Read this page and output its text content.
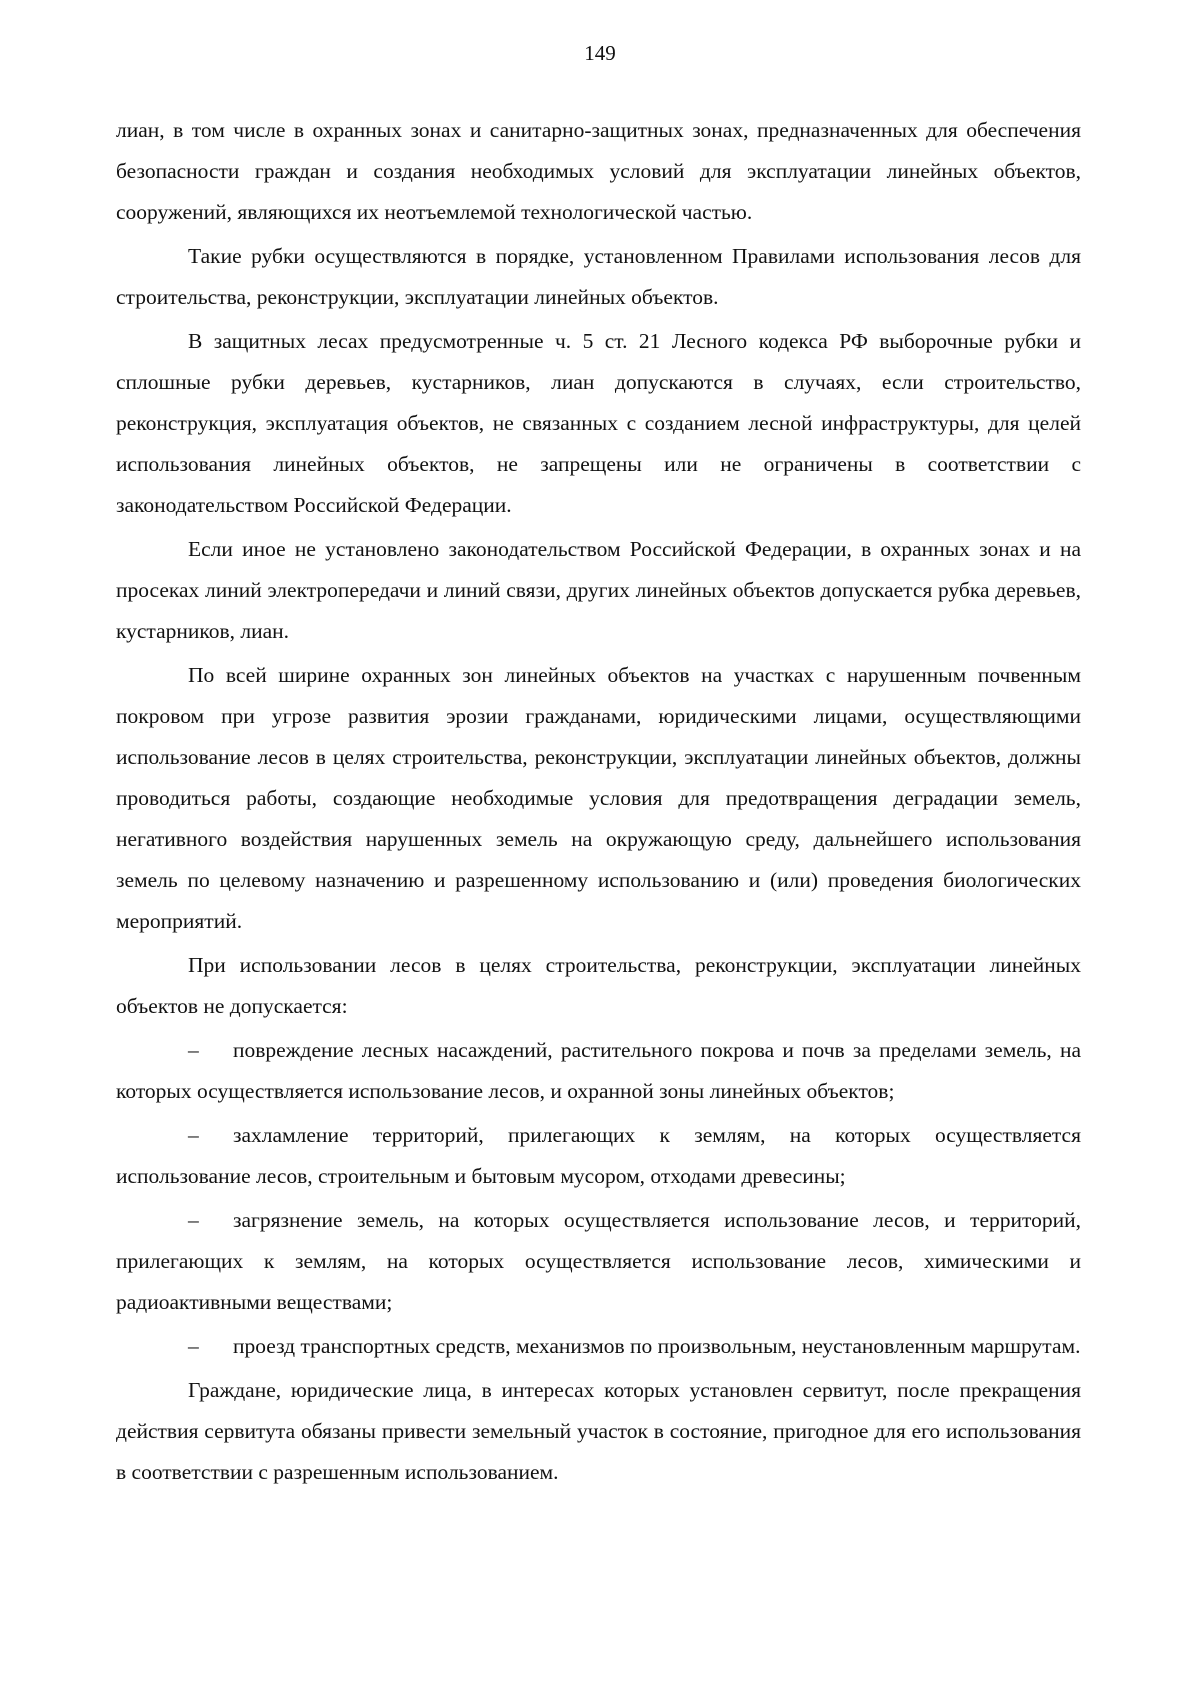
149

лиан, в том числе в охранных зонах и санитарно-защитных зонах, предназначенных для обеспечения безопасности граждан и создания необходимых условий для эксплуатации линейных объектов, сооружений, являющихся их неотъемлемой технологической частью.

Такие рубки осуществляются в порядке, установленном Правилами использования лесов для строительства, реконструкции, эксплуатации линейных объектов.

В защитных лесах предусмотренные ч. 5 ст. 21 Лесного кодекса РФ выборочные рубки и сплошные рубки деревьев, кустарников, лиан допускаются в случаях, если строительство, реконструкция, эксплуатация объектов, не связанных с созданием лесной инфраструктуры, для целей использования линейных объектов, не запрещены или не ограничены в соответствии с законодательством Российской Федерации.

Если иное не установлено законодательством Российской Федерации, в охранных зонах и на просеках линий электропередачи и линий связи, других линейных объектов допускается рубка деревьев, кустарников, лиан.

По всей ширине охранных зон линейных объектов на участках с нарушенным почвенным покровом при угрозе развития эрозии гражданами, юридическими лицами, осуществляющими использование лесов в целях строительства, реконструкции, эксплуатации линейных объектов, должны проводиться работы, создающие необходимые условия для предотвращения деградации земель, негативного воздействия нарушенных земель на окружающую среду, дальнейшего использования земель по целевому назначению и разрешенному использованию и (или) проведения биологических мероприятий.

При использовании лесов в целях строительства, реконструкции, эксплуатации линейных объектов не допускается:

– повреждение лесных насаждений, растительного покрова и почв за пределами земель, на которых осуществляется использование лесов, и охранной зоны линейных объектов;

– захламление территорий, прилегающих к землям, на которых осуществляется использование лесов, строительным и бытовым мусором, отходами древесины;

– загрязнение земель, на которых осуществляется использование лесов, и территорий, прилегающих к землям, на которых осуществляется использование лесов, химическими и радиоактивными веществами;

– проезд транспортных средств, механизмов по произвольным, неустановленным маршрутам.

Граждане, юридические лица, в интересах которых установлен сервитут, после прекращения действия сервитута обязаны привести земельный участок в состояние, пригодное для его использования в соответствии с разрешенным использованием.
